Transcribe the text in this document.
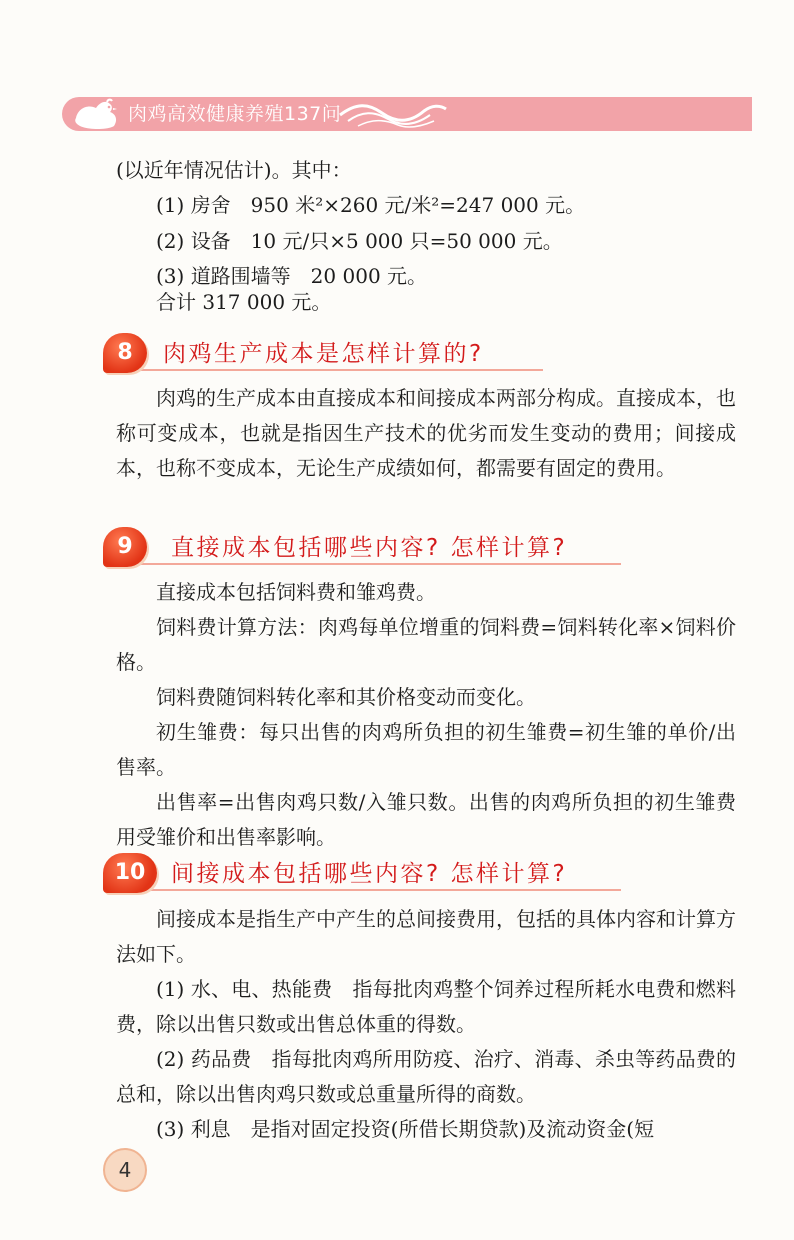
肉鸡高效健康养殖137问
(以近年情况估计)。其中：
(1) 房舍　950 米²×260 元/米²=247 000 元。
(2) 设备　10 元/只×5 000 只=50 000 元。
(3) 道路围墙等　20 000 元。
合计 317 000 元。
8	肉鸡生产成本是怎样计算的?

肉鸡的生产成本由直接成本和间接成本两部分构成。直接成本，也称可变成本，也就是指因生产技术的优劣而发生变动的费用；间接成本，也称不变成本，无论生产成绩如何，都需要有固定的费用。

9	直接成本包括哪些内容? 怎样计算?

直接成本包括饲料费和雏鸡费。

饲料费计算方法：肉鸡每单位增重的饲料费=饲料转化率×饲料价格。

饲料费随饲料转化率和其价格变动而变化。

初生雏费：每只出售的肉鸡所负担的初生雏费=初生雏的单价/出售率。

出售率=出售肉鸡只数/入雏只数。出售的肉鸡所负担的初生雏费用受雏价和出售率影响。

10	间接成本包括哪些内容? 怎样计算?

间接成本是指生产中产生的总间接费用，包括的具体内容和计算方法如下。

(1) 水、电、热能费　指每批肉鸡整个饲养过程所耗水电费和燃料费，除以出售只数或出售总体重的得数。

(2) 药品费　指每批肉鸡所用防疫、治疗、消毒、杀虫等药品费的总和，除以出售肉鸡只数或总重量所得的商数。

(3) 利息　是指对固定投资(所借长期贷款)及流动资金(短

4
